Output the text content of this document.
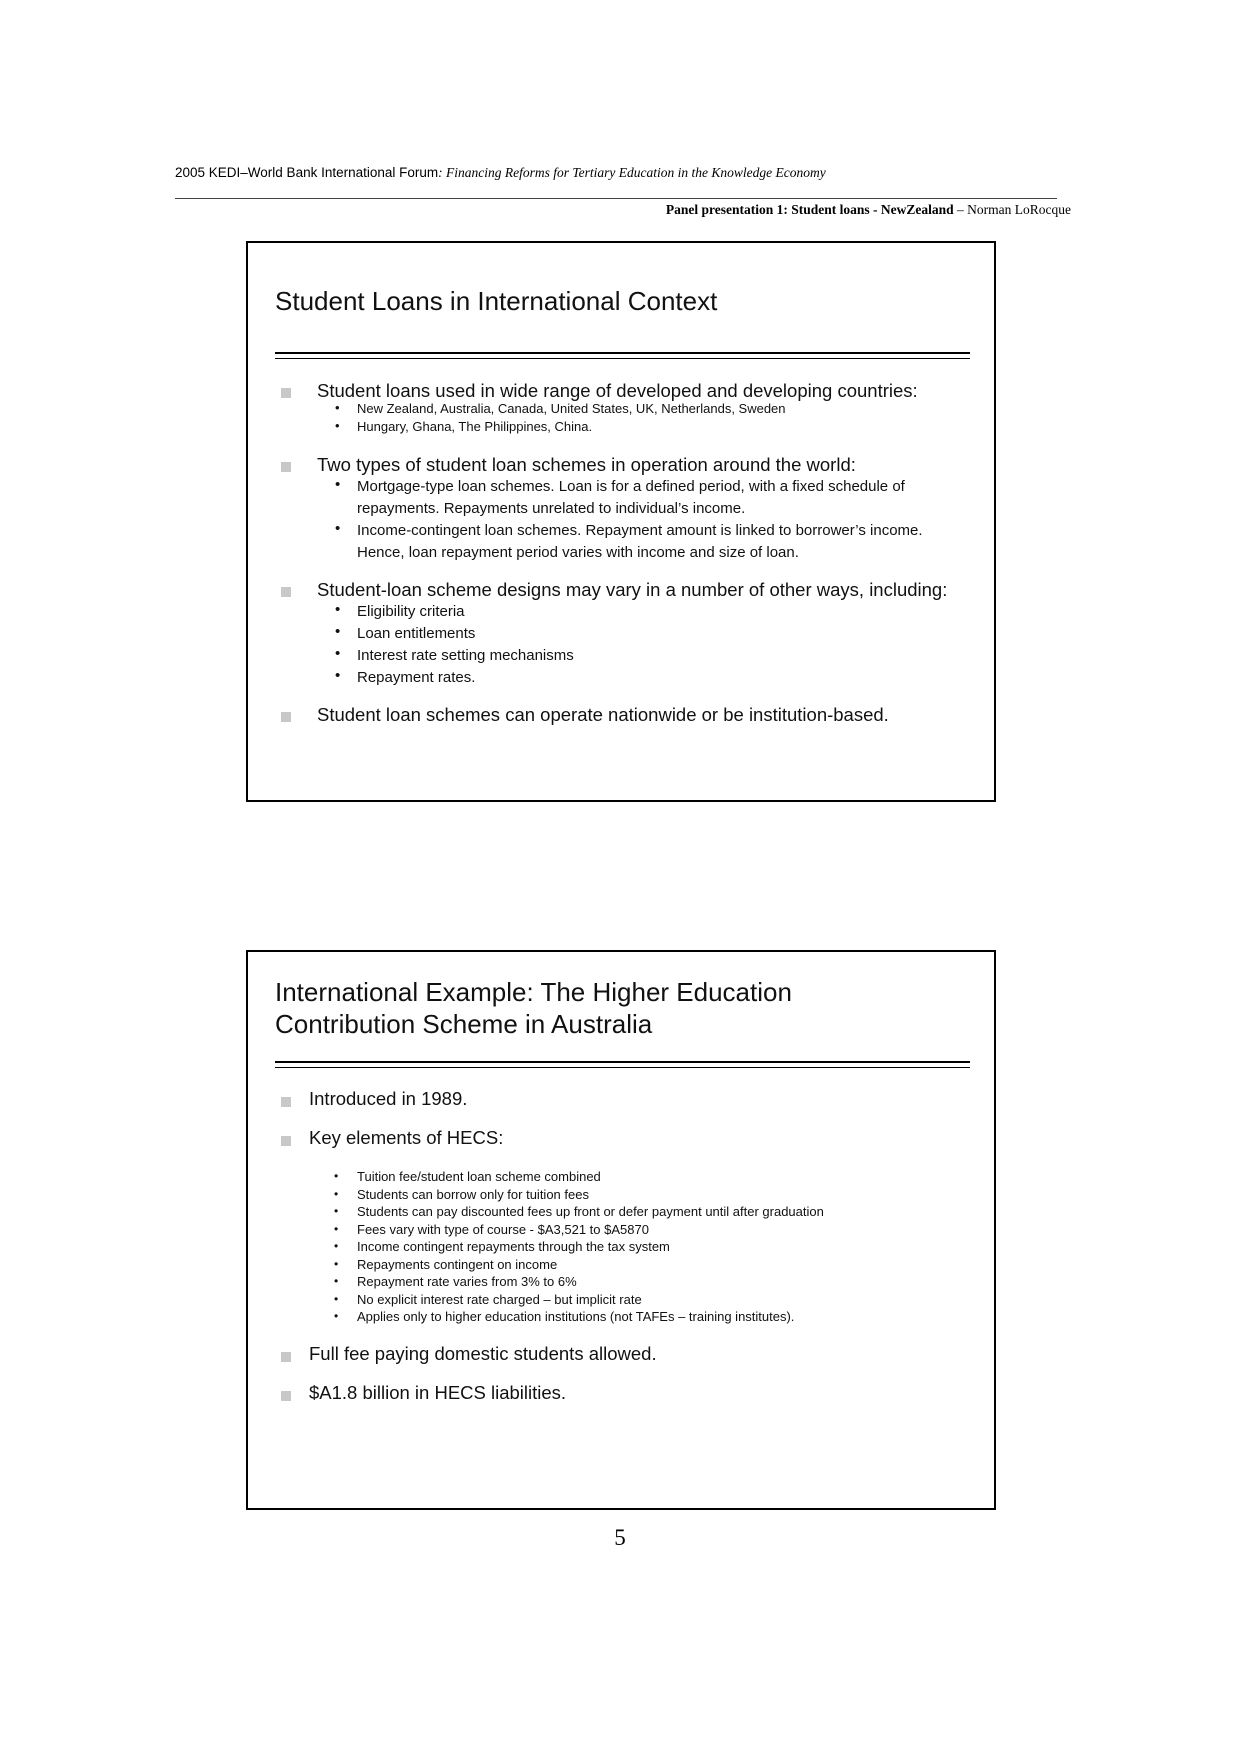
2005 KEDI–World Bank International Forum: Financing Reforms for Tertiary Education in the Knowledge Economy
Panel presentation 1: Student loans - NewZealand – Norman LoRocque
Student Loans in International Context
Student loans used in wide range of developed and developing countries:
• New Zealand, Australia, Canada, United States, UK, Netherlands, Sweden
• Hungary, Ghana, The Philippines, China.
Two types of student loan schemes in operation around the world:
• Mortgage-type loan schemes. Loan is for a defined period, with a fixed schedule of repayments. Repayments unrelated to individual’s income.
• Income-contingent loan schemes. Repayment amount is linked to borrower’s income. Hence, loan repayment period varies with income and size of loan.
Student-loan scheme designs may vary in a number of other ways, including:
• Eligibility criteria
• Loan entitlements
• Interest rate setting mechanisms
• Repayment rates.
Student loan schemes can operate nationwide or be institution-based.
International Example: The Higher Education
Contribution Scheme in Australia
Introduced in 1989.
Key elements of HECS:
• Tuition fee/student loan scheme combined
• Students can borrow only for tuition fees
• Students can pay discounted fees up front or defer payment until after graduation
• Fees vary with type of course - $A3,521 to $A5870
• Income contingent repayments through the tax system
• Repayments contingent on income
• Repayment rate varies from 3% to 6%
• No explicit interest rate charged – but implicit rate
• Applies only to higher education institutions (not TAFEs – training institutes).
Full fee paying domestic students allowed.
$A1.8 billion in HECS liabilities.
5
